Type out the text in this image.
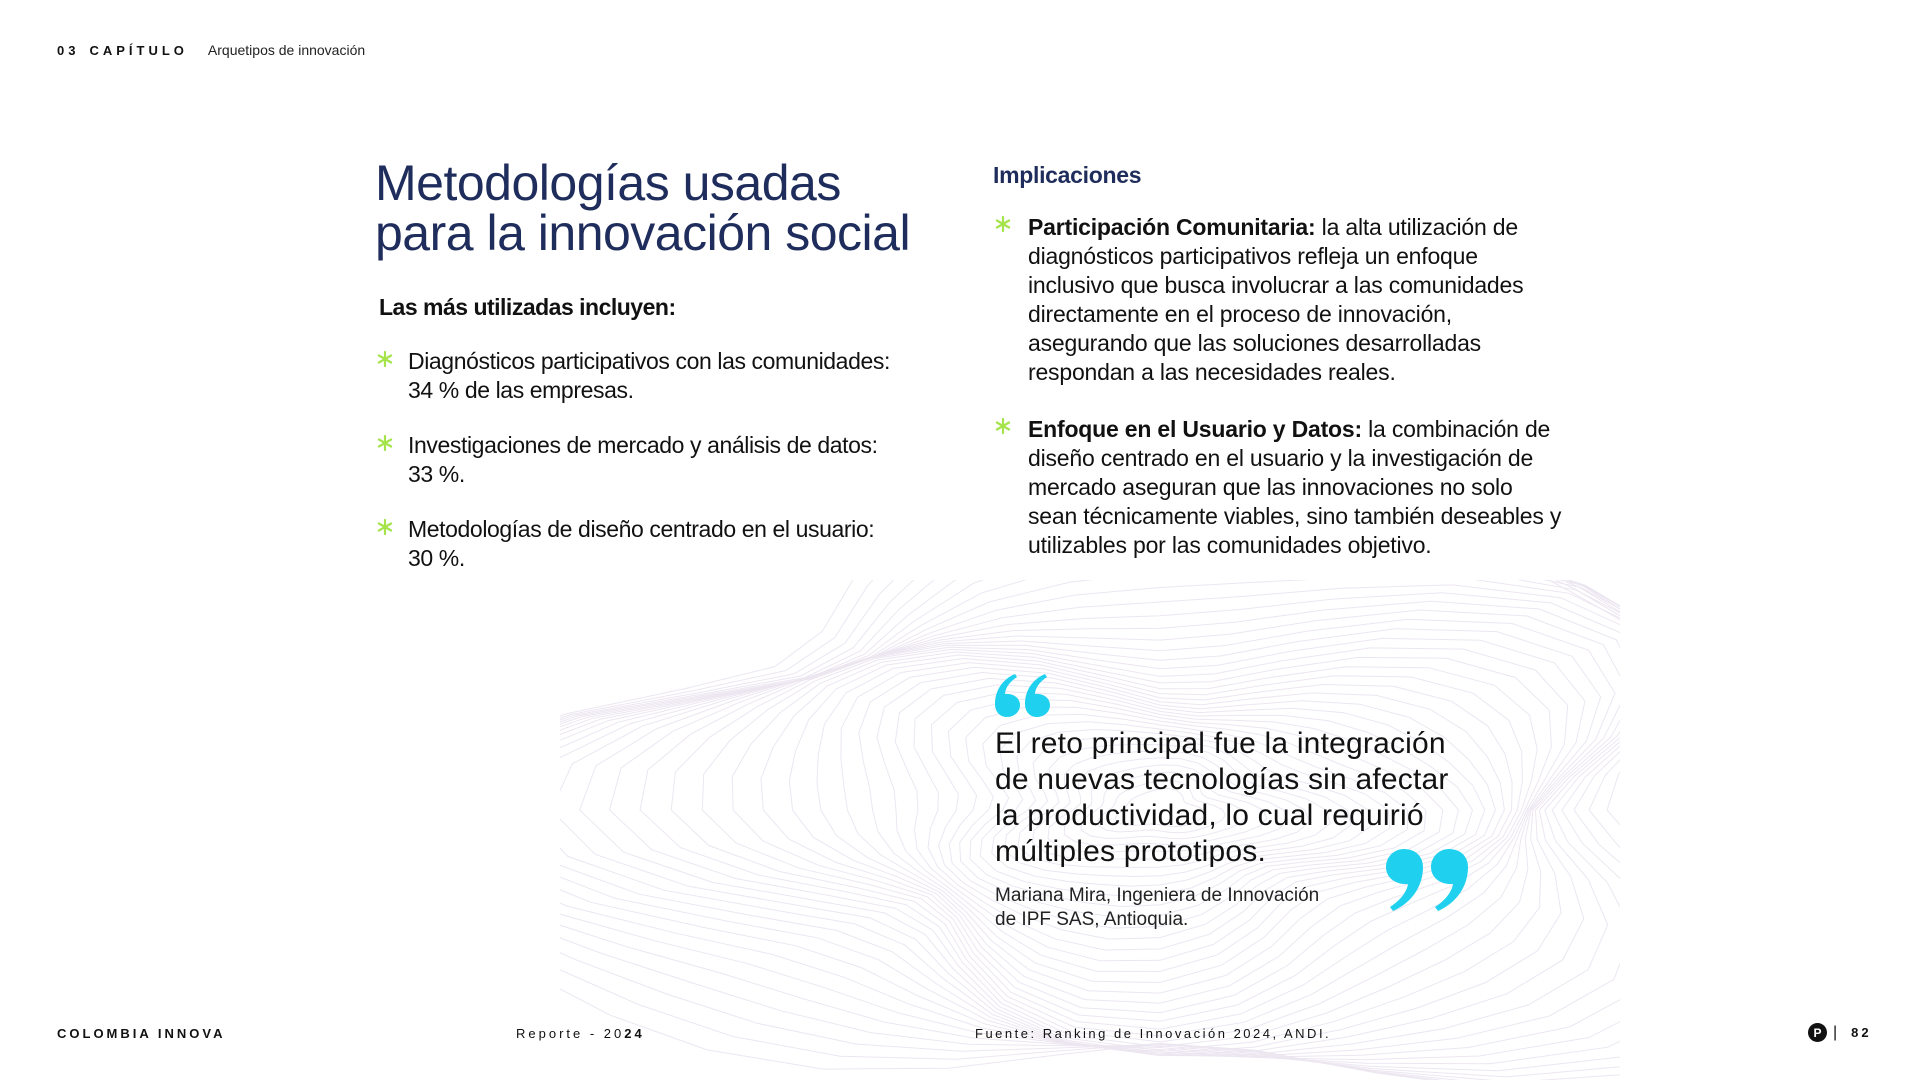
03 CAPÍTULO Arquetipos de innovación
Metodologías usadas
para la innovación social
Las más utilizadas incluyen:
Diagnósticos participativos con las comunidades:
34 % de las empresas.
Investigaciones de mercado y análisis de datos:
33 %.
Metodologías de diseño centrado en el usuario:
30 %.
Implicaciones
Participación Comunitaria: la alta utilización de diagnósticos participativos refleja un enfoque inclusivo que busca involucrar a las comunidades directamente en el proceso de innovación, asegurando que las soluciones desarrolladas respondan a las necesidades reales.
Enfoque en el Usuario y Datos: la combinación de diseño centrado en el usuario y la investigación de mercado aseguran que las innovaciones no solo sean técnicamente viables, sino también deseables y utilizables por las comunidades objetivo.
El reto principal fue la integración
de nuevas tecnologías sin afectar
la productividad, lo cual requirió
múltiples prototipos.
Mariana Mira, Ingeniera de Innovación
de IPF SAS, Antioquia.
COLOMBIA INNOVA	Reporte - 2024	Fuente: Ranking de Innovación 2024, ANDI.	P | 82
